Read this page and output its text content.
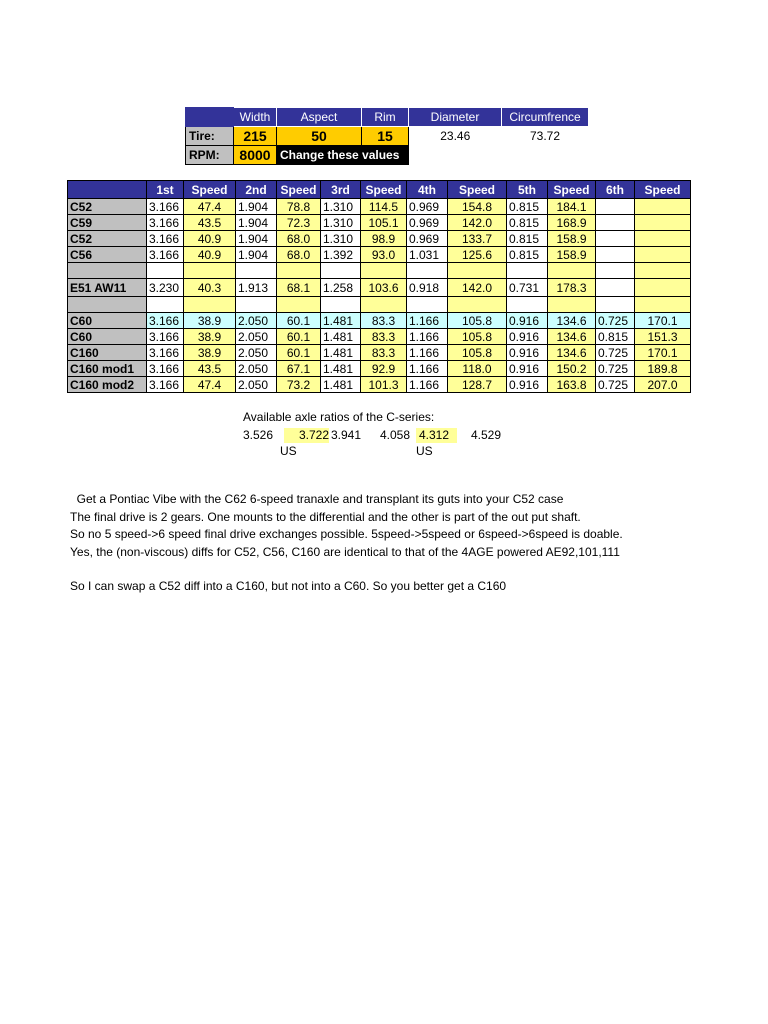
	Width	Aspect	Rim	Diameter	Circumfrence
Tire:	215	50	15	23.46	73.72
RPM:	8000	Change these values			
	1st	Speed	2nd	Speed	3rd	Speed	4th	Speed	5th	Speed	6th	Speed
C52	3.166	47.4	1.904	78.8	1.310	114.5	0.969	154.8	0.815	184.1		
C59	3.166	43.5	1.904	72.3	1.310	105.1	0.969	142.0	0.815	168.9		
C52	3.166	40.9	1.904	68.0	1.310	98.9	0.969	133.7	0.815	158.9		
C56	3.166	40.9	1.904	68.0	1.392	93.0	1.031	125.6	0.815	158.9		

E51 AW11	3.230	40.3	1.913	68.1	1.258	103.6	0.918	142.0	0.731	178.3		

C60	3.166	38.9	2.050	60.1	1.481	83.3	1.166	105.8	0.916	134.6	0.725	170.1
C60	3.166	38.9	2.050	60.1	1.481	83.3	1.166	105.8	0.916	134.6	0.815	151.3
C160	3.166	38.9	2.050	60.1	1.481	83.3	1.166	105.8	0.916	134.6	0.725	170.1
C160 mod1	3.166	43.5	2.050	67.1	1.481	92.9	1.166	118.0	0.916	150.2	0.725	189.8
C160 mod2	3.166	47.4	2.050	73.2	1.481	101.3	1.166	128.7	0.916	163.8	0.725	207.0
Available axle ratios of the C-series:
3.526	3.722 3.941 4.058 4.312	4.529
US	US

Get a Pontiac Vibe with the C62 6-speed tranaxle and transplant its guts into your C52 case

The final drive is 2 gears. One mounts to the differential and the other is part of the out put shaft.

So no 5 speed->6 speed final drive exchanges possible. 5speed->5speed or 6speed->6speed is doable.

Yes, the (non-viscous) diffs for C52, C56, C160 are identical to that of the 4AGE powered AE92,101,111

So I can swap a C52 diff into a C160, but not into a C60. So you better get a C160
